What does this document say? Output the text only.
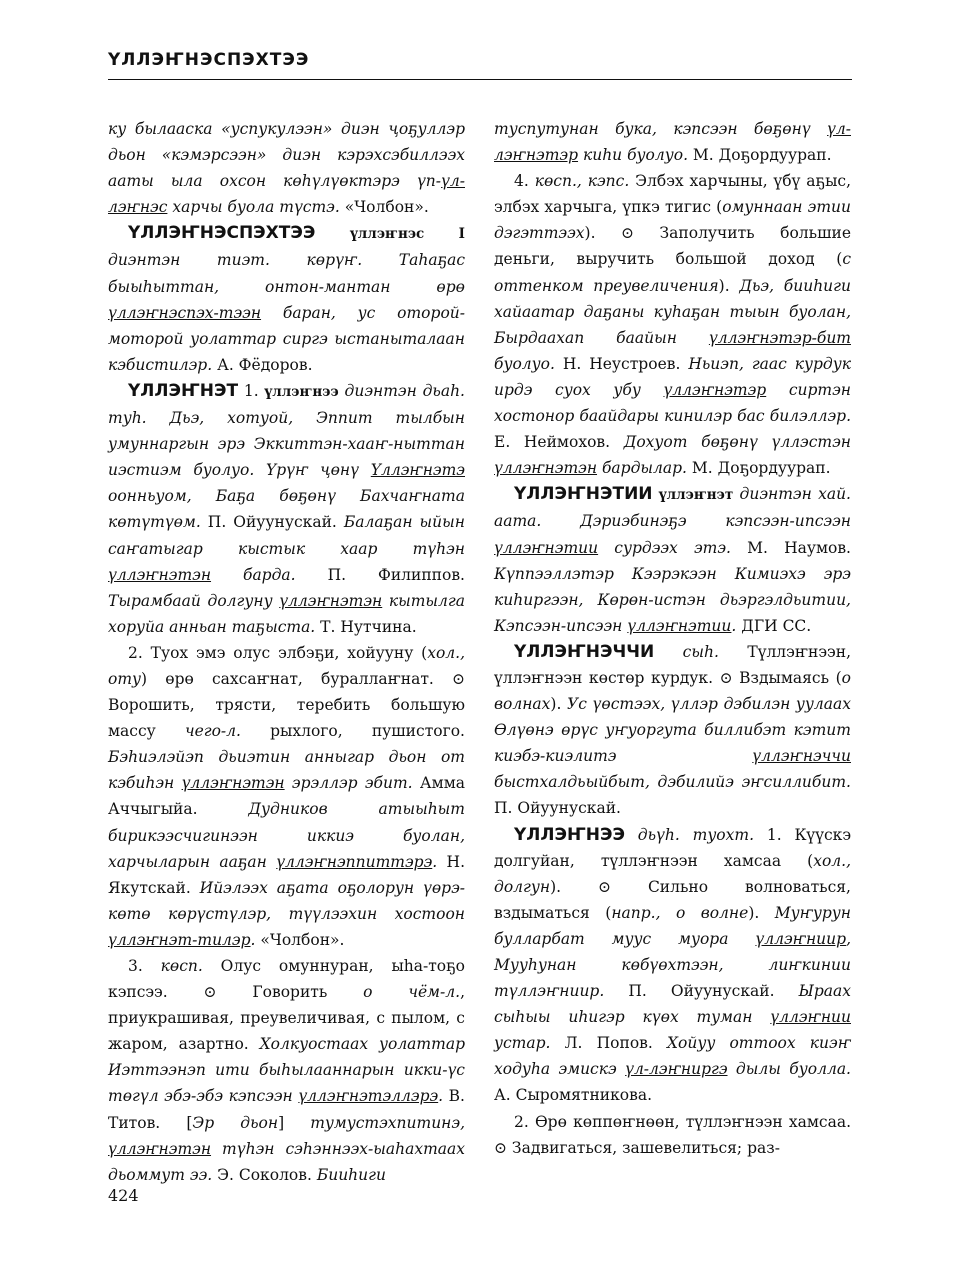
ҮЛЛЭҤНЭСПЭХТЭЭ

ку былааска «успукулээн» диэн ҷоҕуллэр дьон «кэмэрсээн» диэн кэрэхсэбиллээх ааты ыла охсон көһүлүөктэрэ үп-үл-лэҥнэс харчы буола түстэ. «Чолбон».

ҮЛЛЭҤНЭСПЭХТЭЭ	үллэҥнэс І диэнтэн тиэт. көрүҥ. Таһаҕас быыһыттан, онтон-мантан өрө үллэҥнэспэх-тээн баран, ус оторой-моторой уолаттар сиргэ ыстаныталаан кэбистилэр. А. Фёдоров.

ҮЛЛЭҤНЭТ 1. үллэҥнээ диэнтэн дьаһ. туһ. Дьэ, хотуой, Эппит тылбын умуннаргын эрэ Эккиттэн-хааҥ-ныттан иэстиэм буолуо. Үрүҥ ҷөнү Үллэҥнэтэ оонньуом, Баҕа бөҕөнү Бахчаҥната көтүтүөм. П. Ойуунускай. Балаҕан ыйын саҥатыгар кыстык хаар түһэн үллэҥнэтэн барда. П. Филиппов. Тырамбаай долгуну үллэҥнэтэн кытылга хоруйа анньан таҕыста. Т. Нутчина.

2. Туох эмэ олус элбэҕи, хойууну (хол., оту) өрө сахсаҥнат, бураллаҥнат. ⊙ Ворошить, трясти, теребить большую массу чего-л. рыхлого, пушистого. Бэһиэлэйэп дьиэтин анныгар дьон от кэбиһэн үллэҥнэтэн эрэллэр эбит. Амма Аччыгыйа. Дудников атыыһыт бирикээсчигинээн иккиэ буолан, харчыларын ааҕан үллэҥнэппиттэрэ. Н. Якутскай. Ийэлээх аҕата оҕолорун үөрэ-көтө көрүстүлэр, түүлээхин хостоон үллэҥнэт-тилэр. «Чолбон».

3. көсп. Олус омуннуран, ыһа-тоҕо кэпсээ. ⊙ Говорить о чём-л., приукрашивая, преувеличивая, с пылом, с жаром, азартно. Холкуостаах уолаттар Иэттээнэп ити быһылааннарын икки-үс төгүл эбэ-эбэ кэпсээн үллэҥнэтэллэрэ. В. Титов. [Эр дьон] тумустэхпитинэ, үллэҥнэтэн түһэн сэһэннээх-ыаһахтаах дьоммут ээ. Э. Соколов. Бииһиги

туспутунан бука, кэпсээн бөҕөнү үл-лэҥнэтэр киһи буолуо. М. Доҕордуурап.

4. көсп., кэпс. Элбэх харчыны, үбү аҕыс, элбэх харчыга, үпкэ тигис (омуннаан этии дэгэттээх). ⊙ Заполучить большие деньги, выручить большой доход (с оттенком преувеличения). Дьэ, бииһиги хайаатар даҕаны куһаҕан тыын буолан, Бырдаахап баайын үллэҥнэтэр-бит буолуо. Н. Неустроев. Ньиэп, гаас курдук ирдэ суох убу үллэҥнэтэр сиртэн хостонор баайдары кинилэр бас билэллэр. Е. Неймохов. Дохуот бөҕөнү үллэстэн үллэҥнэтэн бардылар. М. Доҕордуурап.

ҮЛЛЭҤНЭТИИ үллэҥнэт диэнтэн хай. аата. Дэриэбинэҕэ кэпсээн-ипсээн үллэҥнэтии сурдээх этэ. М. Наумов. Күппээллэтэр Кээрэкээн Кимиэхэ эрэ киһиргээн, Көрөн-истэн дьэргэлдьитии, Кэпсээн-ипсээн үллэҥнэтии. ДГИ СС.

ҮЛЛЭҤНЭЧЧИ сыһ. Түллэҥнээн, үллэҥнээн көстөр курдук. ⊙ Вздымаясь (о волнах). Ус үөстээх, үллэр дэбилэн уулаах Өлүөнэ өрүс уҥуоргута биллибэт кэтит киэбэ-киэлитэ үллэҥнэччи быстхалдьыйбыт, дэбилийэ эҥсиллибит. П. Ойуунускай.

ҮЛЛЭҤНЭЭ дьүһ. туохт. 1. Күүскэ долгуйан, түллэҥнээн хамсаа (хол., долгун). ⊙ Сильно волноваться, вздыматься (напр., о волне). Муҥурун булларбат муус муора үллэҥниир, Мууһунан көбүөхтээн, лиҥкинии түллэҥниир. П. Ойуунускай. Ыраах сыһыы иһигэр күөх туман үллэҥнии устар. Л. Попов. Хойуу оттоох киэҥ ходуһа эмискэ үл-лэҥниргэ дылы буолла. А. Сыромятникова.

2. Өрө көппөҥнөөн, түллэҥнээн хамсаа. ⊙ Задвигаться, зашевелиться; раз-

424
